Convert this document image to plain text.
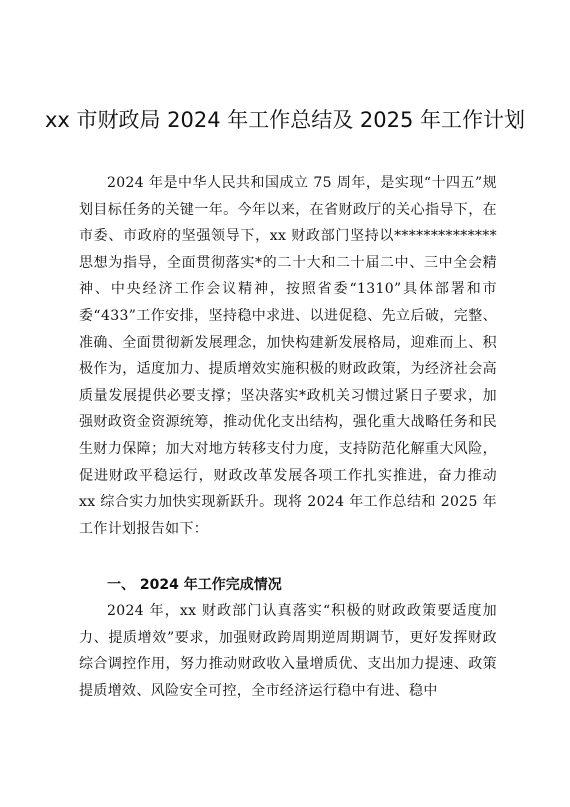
xx 市财政局 2024 年工作总结及 2025 年工作计划
2024 年是中华人民共和国成立 75 周年，是实现“十四五”规划目标任务的关键一年。今年以来，在省财政厅的关心指导下，在市委、市政府的坚强领导下，xx 财政部门坚持以**************思想为指导，全面贯彻落实*的二十大和二十届二中、三中全会精神、中央经济工作会议精神，按照省委“1310”具体部署和市委“433”工作安排，坚持稳中求进、以进促稳、先立后破，完整、准确、全面贯彻新发展理念，加快构建新发展格局，迎难而上、积极作为，适度加力、提质增效实施积极的财政政策，为经济社会高质量发展提供必要支撑；坚决落实*政机关习惯过紧日子要求，加强财政资金资源统筹，推动优化支出结构，强化重大战略任务和民生财力保障；加大对地方转移支付力度，支持防范化解重大风险，促进财政平稳运行，财政改革发展各项工作扎实推进，奋力推动 xx 综合实力加快实现新跃升。现将 2024 年工作总结和 2025 年工作计划报告如下：
一、 2024 年工作完成情况
2024 年，xx 财政部门认真落实“积极的财政政策要适度加力、提质增效”要求，加强财政跨周期逆周期调节，更好发挥财政综合调控作用，努力推动财政收入量增质优、支出加力提速、政策提质增效、风险安全可控，全市经济运行稳中有进、稳中
